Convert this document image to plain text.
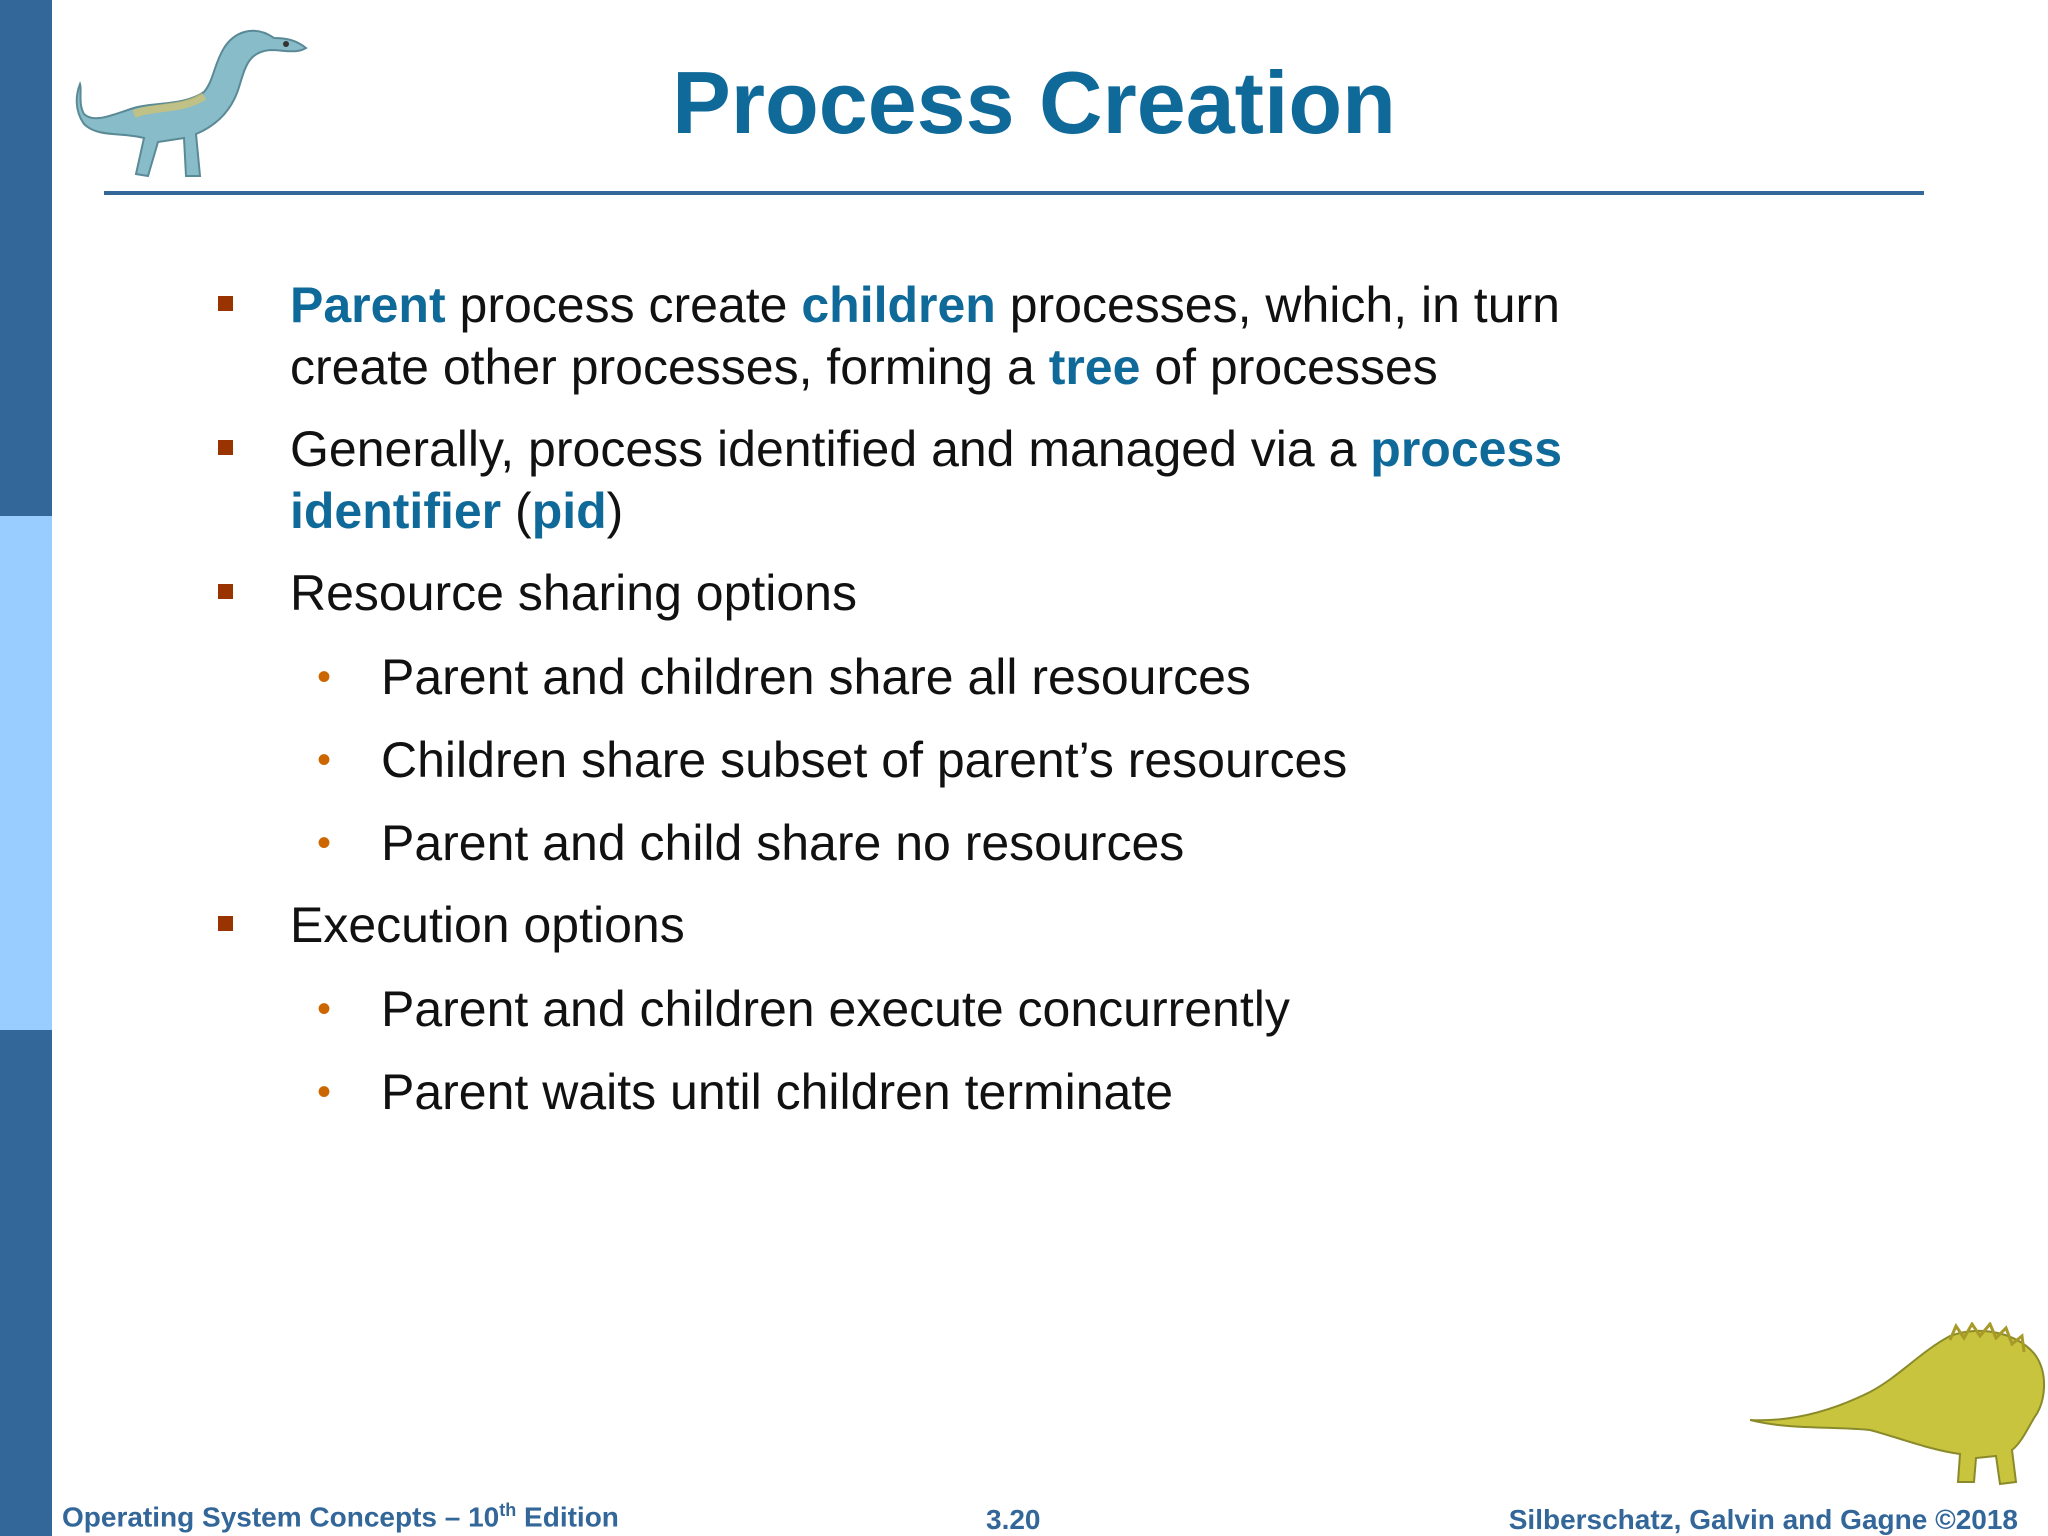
Process Creation
Parent process create children processes, which, in turn create other processes, forming a tree of processes
Generally, process identified and managed via a process identifier (pid)
Resource sharing options
• Parent and children share all resources
• Children share subset of parent’s resources
• Parent and child share no resources
Execution options
• Parent and children execute concurrently
• Parent waits until children terminate
Operating System Concepts – 10th Edition	3.20	Silberschatz, Galvin and Gagne ©2018
